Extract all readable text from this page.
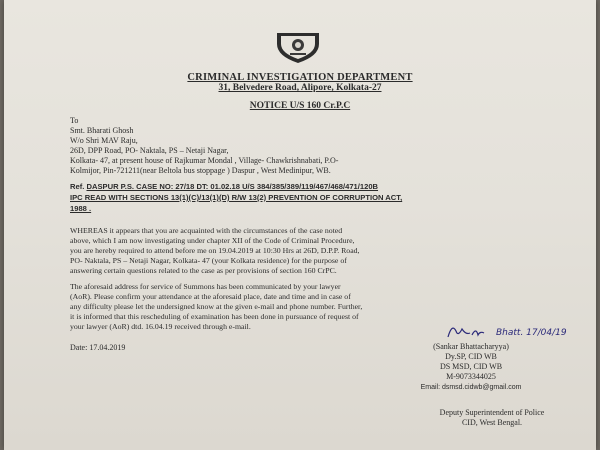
CRIMINAL INVESTIGATION DEPARTMENT
31, Belvedere Road, Alipore, Kolkata-27
NOTICE U/S 160 Cr.P.C
To
Smt. Bharati Ghosh
W/o Shri MAV Raju,
26D, DPP Road, PO- Naktala, PS – Netaji Nagar,
Kolkata- 47, at present house of Rajkumar Mondal , Village- Chawkrishnabati, P.O-
Kolmijor, Pin-721211(near Beltola bus stoppage ) Daspur , West Medinipur, WB.
Ref. DASPUR P.S. CASE NO: 27/18 DT: 01.02.18 U/S 384/385/389/119/467/468/471/120B
IPC READ WITH SECTIONS 13(1)(C)/13(1)(D) R/W 13(2) PREVENTION OF CORRUPTION ACT,
1988 .
WHEREAS it appears that you are acquainted with the circumstances of the case noted
above, which I am now investigating under chapter XII of the Code of Criminal Procedure,
you are hereby required to attend before me on 19.04.2019 at 10:30 Hrs at 26D, D.P.P. Road,
PO- Naktala, PS – Netaji Nagar, Kolkata- 47 (your Kolkata residence) for the purpose of
answering certain questions related to the case as per provisions of section 160 CrPC.
The aforesaid address for service of Summons has been communicated by your lawyer
(AoR). Please confirm your attendance at the aforesaid place, date and time and in case of
any difficulty please let the undersigned know at the given e-mail and phone number. Further,
it is informed that this rescheduling of examination has been done in pursuance of request of
your lawyer (AoR) dtd. 16.04.19 received through e-mail.
Bhatt. 17/04/19
Date: 17.04.2019	(Sankar Bhattacharyya)
Dy.SP, CID WB
DS MSD, CID WB
M-9073344025
Email: dsmsd.cidwb@gmail.com
Deputy Superintendent of Police
CID, West Bengal.
